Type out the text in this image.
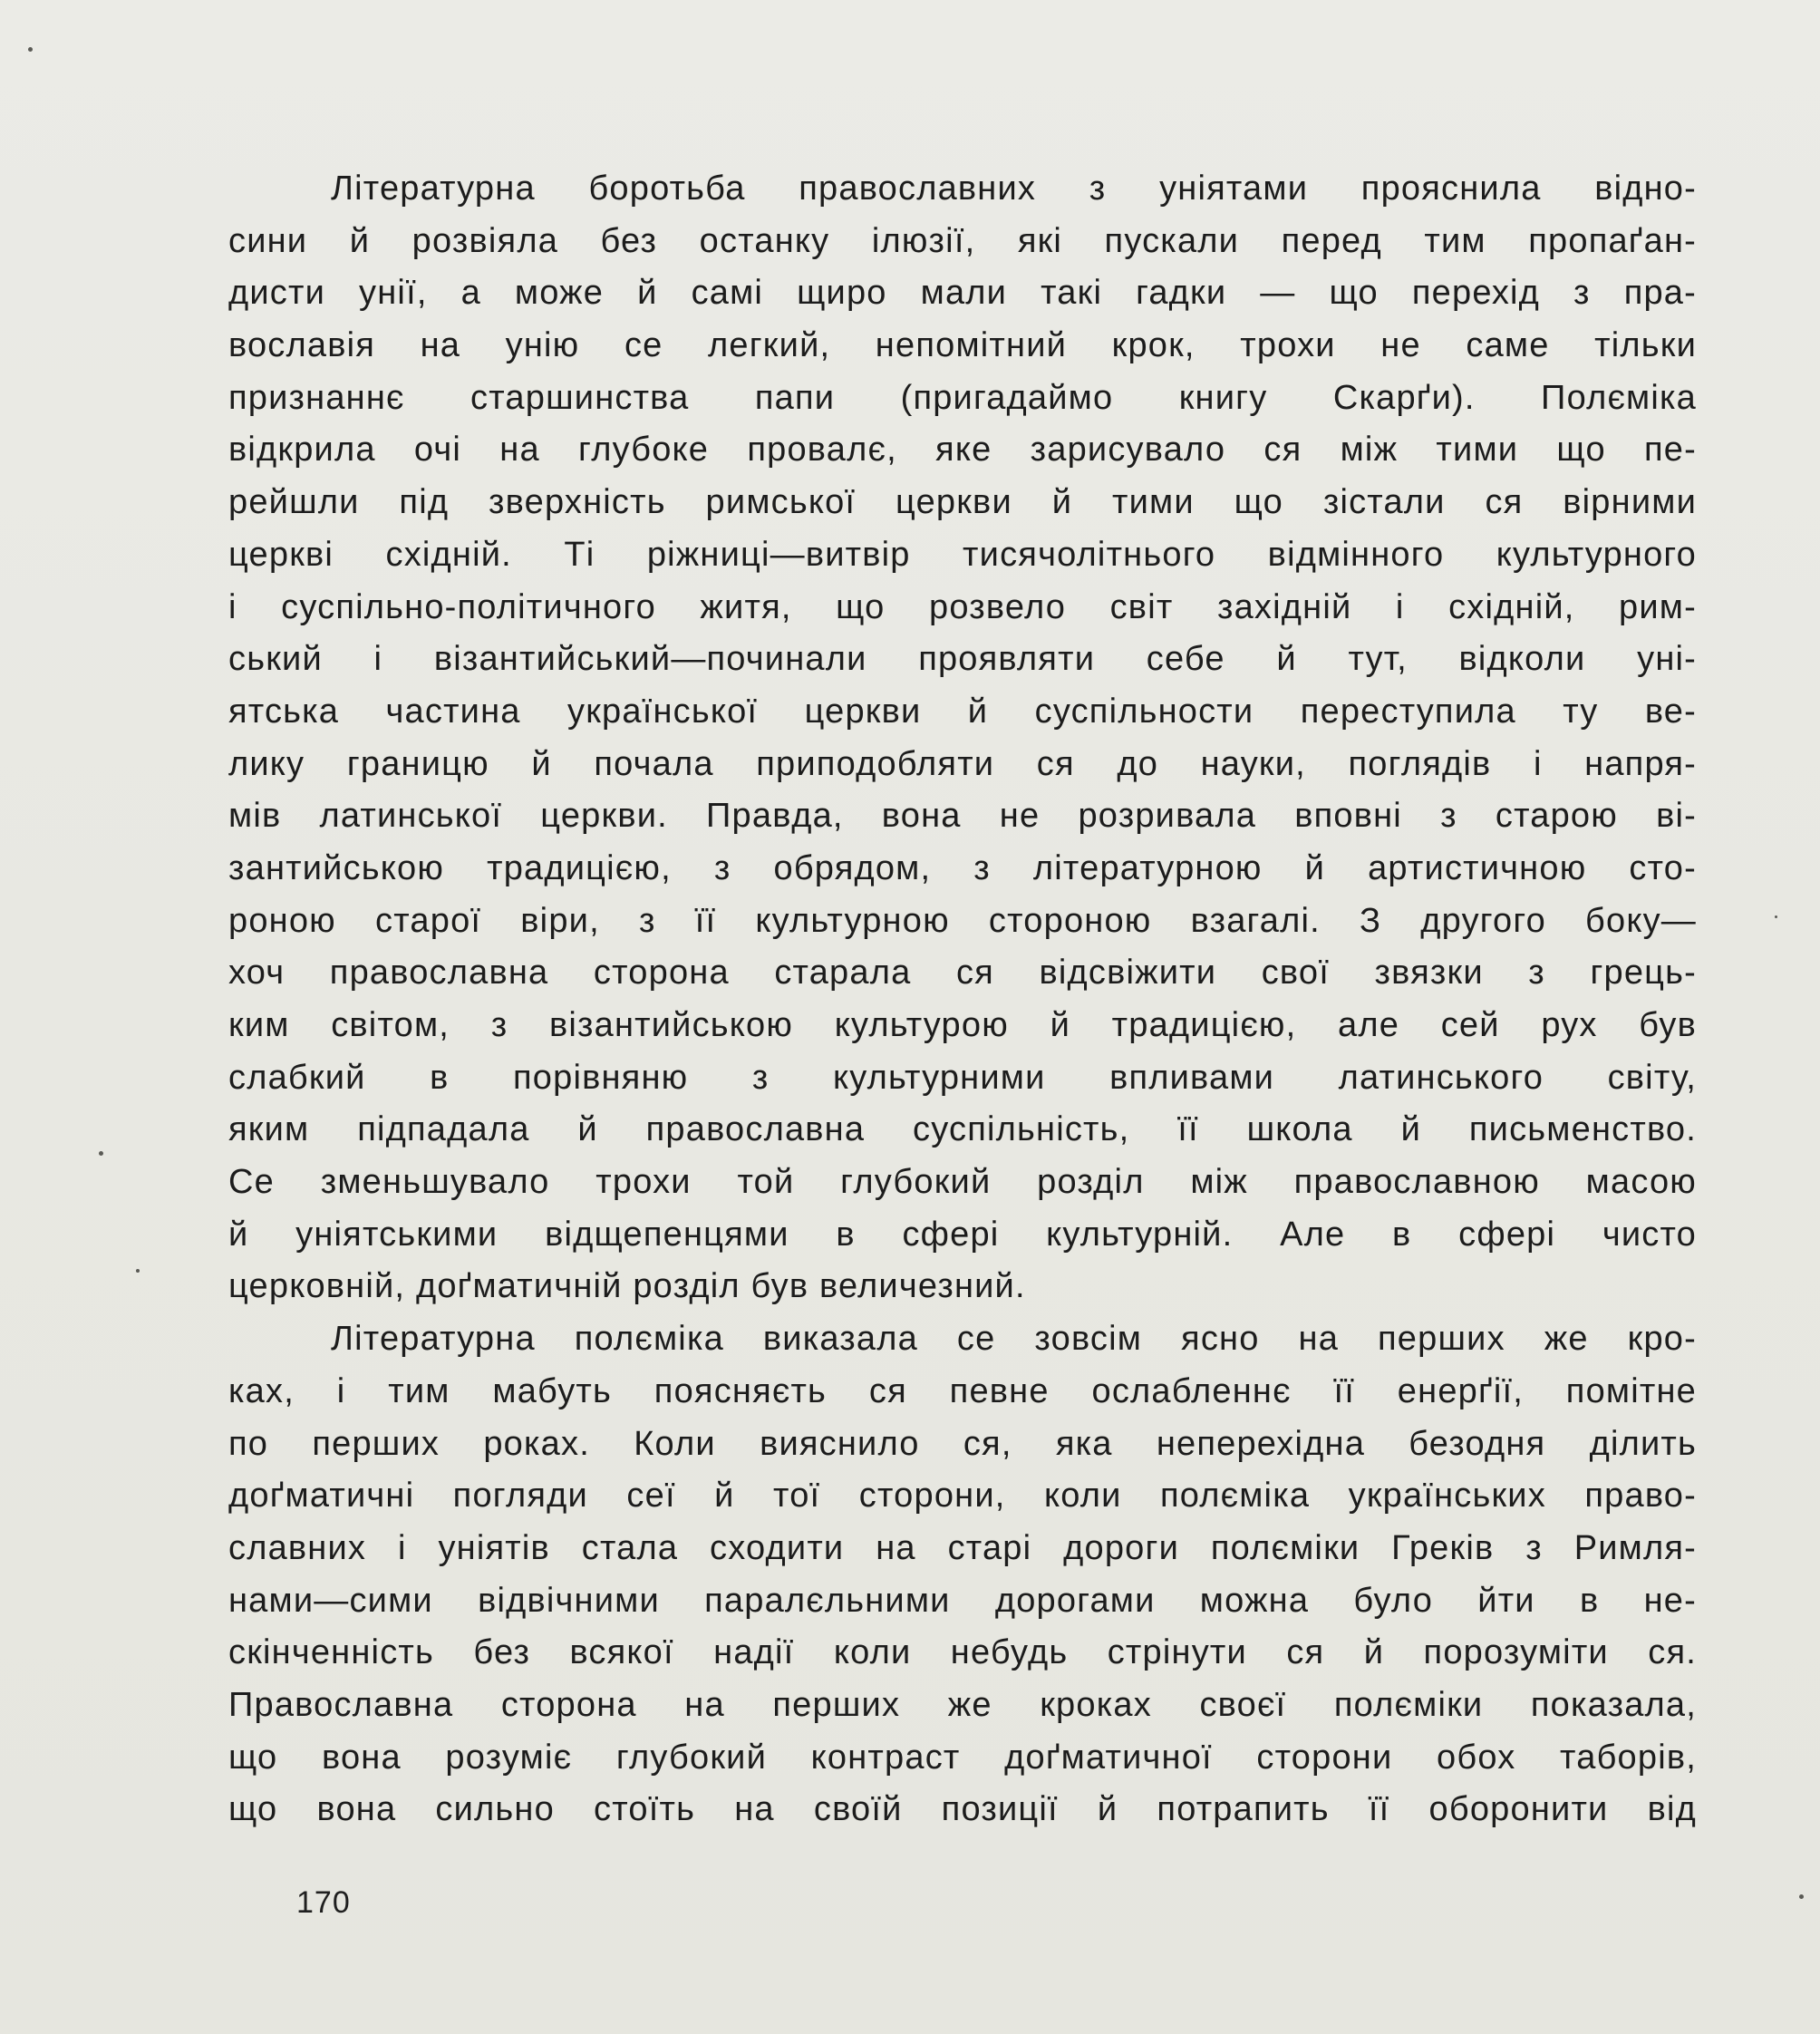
Літературна боротьба православних з уніятами прояснила відно-
сини й розвіяла без останку ілюзії, які пускали перед тим пропаґан-
дисти унії, а може й самі щиро мали такі гадки — що перехід з пра-
вославія на унію се легкий, непомітний крок, трохи не саме тільки
признаннє старшинства папи (пригадаймо книгу Скарґи). Полєміка
відкрила очі на глубоке провалє, яке зарисувало ся між тими що пе-
рейшли під зверхність римської церкви й тими що зістали ся вірними
церкві східній. Ті ріжниці—витвір тисячолітнього відмінного культурного
і суспільно-політичного житя, що розвело світ західній і східній, рим-
ський і візантийський—починали проявляти себе й тут, відколи уні-
ятська частина української церкви й суспільности переступила ту ве-
лику границю й почала приподобляти ся до науки, поглядів і напря-
мів латинської церкви. Правда, вона не розривала вповні з старою ві-
зантийською традицією, з обрядом, з літературною й артистичною сто-
роною старої віри, з її культурною стороною взагалі. З другого боку—
хоч православна сторона старала ся відсвіжити свої звязки з грець-
ким світом, з візантийською культурою й традицією, але сей рух був
слабкий в порівняню з культурними впливами латинського світу,
яким підпадала й православна суспільність, її школа й письменство.
Се зменьшувало трохи той глубокий розділ між православною масою
й уніятськими відщепенцями в сфері культурній. Але в сфері чисто
церковній, доґматичній розділ був величезний.
Літературна полєміка виказала се зовсім ясно на перших же кро-
ках, і тим мабуть поясняєть ся певне ослабленнє її енерґії, помітне
по перших роках. Коли вияснило ся, яка неперехідна безодня ділить
доґматичні погляди сеї й тої сторони, коли полєміка українських право-
славних і уніятів стала сходити на старі дороги полєміки Греків з Римля-
нами—сими відвічними паралєльними дорогами можна було йти в не-
скінченність без всякої надії коли небудь стрінути ся й порозуміти ся.
Православна сторона на перших же кроках своєї полєміки показала,
що вона розуміє глубокий контраст доґматичної сторони обох таборів,
що вона сильно стоїть на своїй позиції й потрапить її оборонити від
170
